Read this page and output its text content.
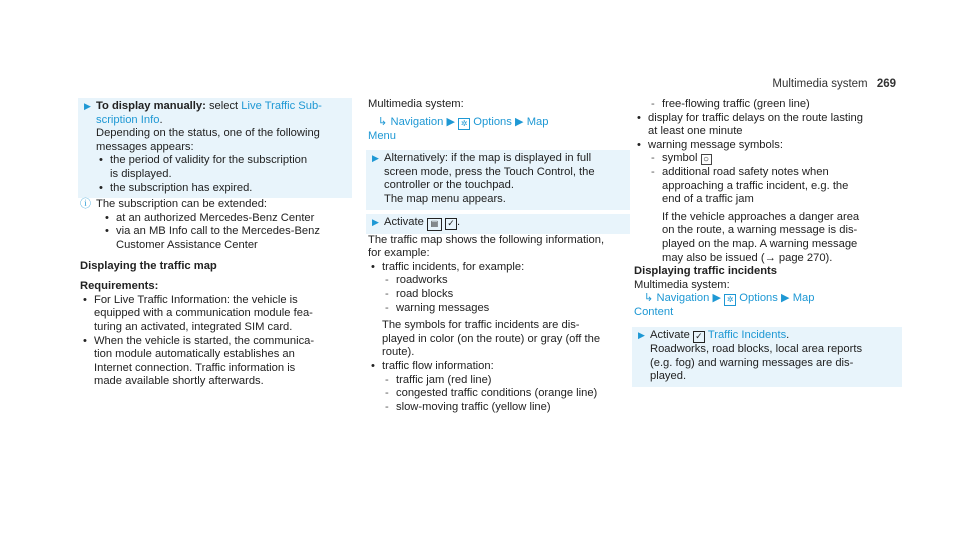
Multimedia system 269
▶ To display manually: select Live Traffic Sub-

scription Info.

Depending on the status, one of the following

messages appears:

• the period of validity for the subscription

is displayed.

• the subscription has expired.

ⓘ The subscription can be extended:

• at an authorized Mercedes-Benz Center

• via an MB Info call to the Mercedes-Benz

Customer Assistance Center

Displaying the traffic map

Requirements:

• For Live Traffic Information: the vehicle is

equipped with a communication module fea-

turing an activated, integrated SIM card.

• When the vehicle is started, the communica-

tion module automatically establishes an

Internet connection. Traffic information is

made available shortly afterwards.

Multimedia system:

↳ Navigation ▶ ✲ Options ▶ Map

Menu

▶ Alternatively: if the map is displayed in full

screen mode, press the Touch Control, the

controller or the touchpad.

The map menu appears.

▶ Activate ▤ ✓ .

The traffic map shows the following information,

for example:

• traffic incidents, for example:

- roadworks

- road blocks

- warning messages

The symbols for traffic incidents are dis-

played in color (on the route) or gray (off the

route).

• traffic flow information:

- traffic jam (red line)

- congested traffic conditions (orange line)

- slow-moving traffic (yellow line)

- free-flowing traffic (green line)

• display for traffic delays on the route lasting

at least one minute

• warning message symbols:

- symbol ○

- additional road safety notes when

approaching a traffic incident, e.g. the

end of a traffic jam

If the vehicle approaches a danger area

on the route, a warning message is dis-

played on the map. A warning message

may also be issued (→ page 270).

Displaying traffic incidents

Multimedia system:

↳ Navigation ▶ ✲ Options ▶ Map

Content

▶ Activate ✓ Traffic Incidents.

Roadworks, road blocks, local area reports

(e.g. fog) and warning messages are dis-

played.
